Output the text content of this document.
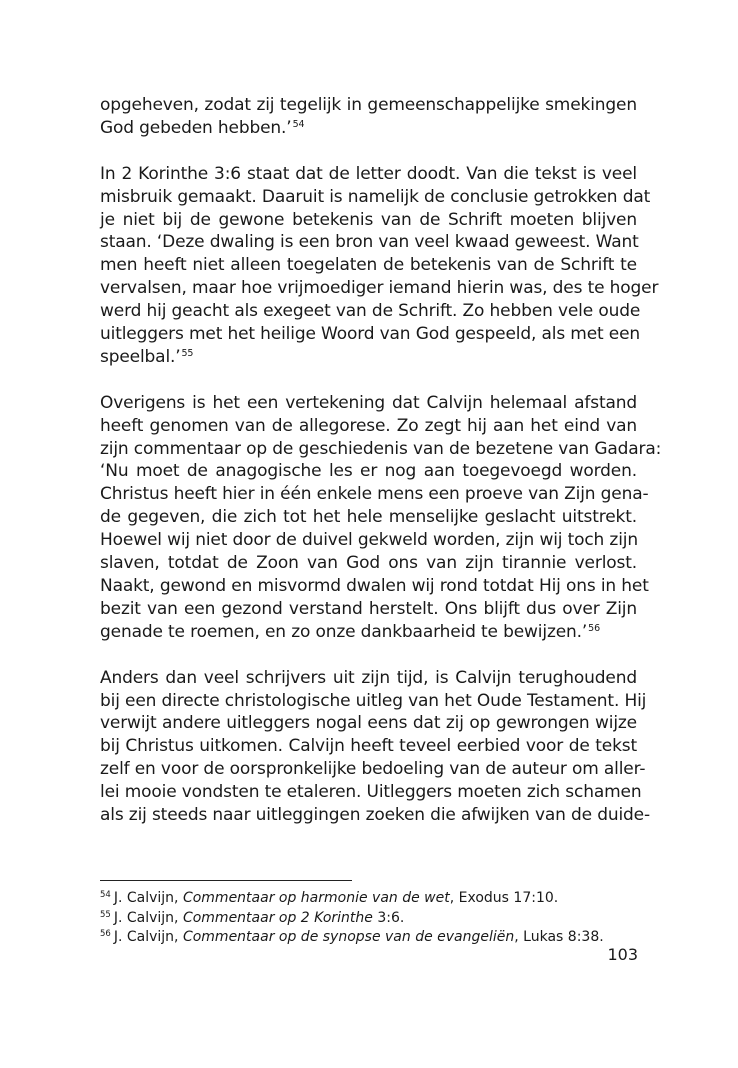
opgeheven, zodat zij tegelijk in gemeenschappelijke smekingen
God gebeden hebben.’$^{54}$

In 2 Korinthe 3:6 staat dat de letter doodt. Van die tekst is veel
misbruik gemaakt. Daaruit is namelijk de conclusie getrokken dat
je niet bij de gewone betekenis van de Schrift moeten blijven
staan. ‘Deze dwaling is een bron van veel kwaad geweest. Want
men heeft niet alleen toegelaten de betekenis van de Schrift te
vervalsen, maar hoe vrijmoediger iemand hierin was, des te hoger
werd hij geacht als exegeet van de Schrift. Zo hebben vele oude
uitleggers met het heilige Woord van God gespeeld, als met een
speelbal.’$^{55}$

Overigens is het een vertekening dat Calvijn helemaal afstand
heeft genomen van de allegorese. Zo zegt hij aan het eind van
zijn commentaar op de geschiedenis van de bezetene van Gadara:
‘Nu moet de anagogische les er nog aan toegevoegd worden.
Christus heeft hier in één enkele mens een proeve van Zijn gena-
de gegeven, die zich tot het hele menselijke geslacht uitstrekt.
Hoewel wij niet door de duivel gekweld worden, zijn wij toch zijn
slaven, totdat de Zoon van God ons van zijn tirannie verlost.
Naakt, gewond en misvormd dwalen wij rond totdat Hij ons in het
bezit van een gezond verstand herstelt. Ons blijft dus over Zijn
genade te roemen, en zo onze dankbaarheid te bewijzen.’$^{56}$

Anders dan veel schrijvers uit zijn tijd, is Calvijn terughoudend
bij een directe christologische uitleg van het Oude Testament. Hij
verwijt andere uitleggers nogal eens dat zij op gewrongen wijze
bij Christus uitkomen. Calvijn heeft teveel eerbied voor de tekst
zelf en voor de oorspronkelijke bedoeling van de auteur om aller-
lei mooie vondsten te etaleren. Uitleggers moeten zich schamen
als zij steeds naar uitleggingen zoeken die afwijken van de duide-

$^{54}$ J. Calvijn, Commentaar op harmonie van de wet, Exodus 17:10.
$^{55}$ J. Calvijn, Commentaar op 2 Korinthe 3:6.
$^{56}$ J. Calvijn, Commentaar op de synopse van de evangeliën, Lukas 8:38.
103
